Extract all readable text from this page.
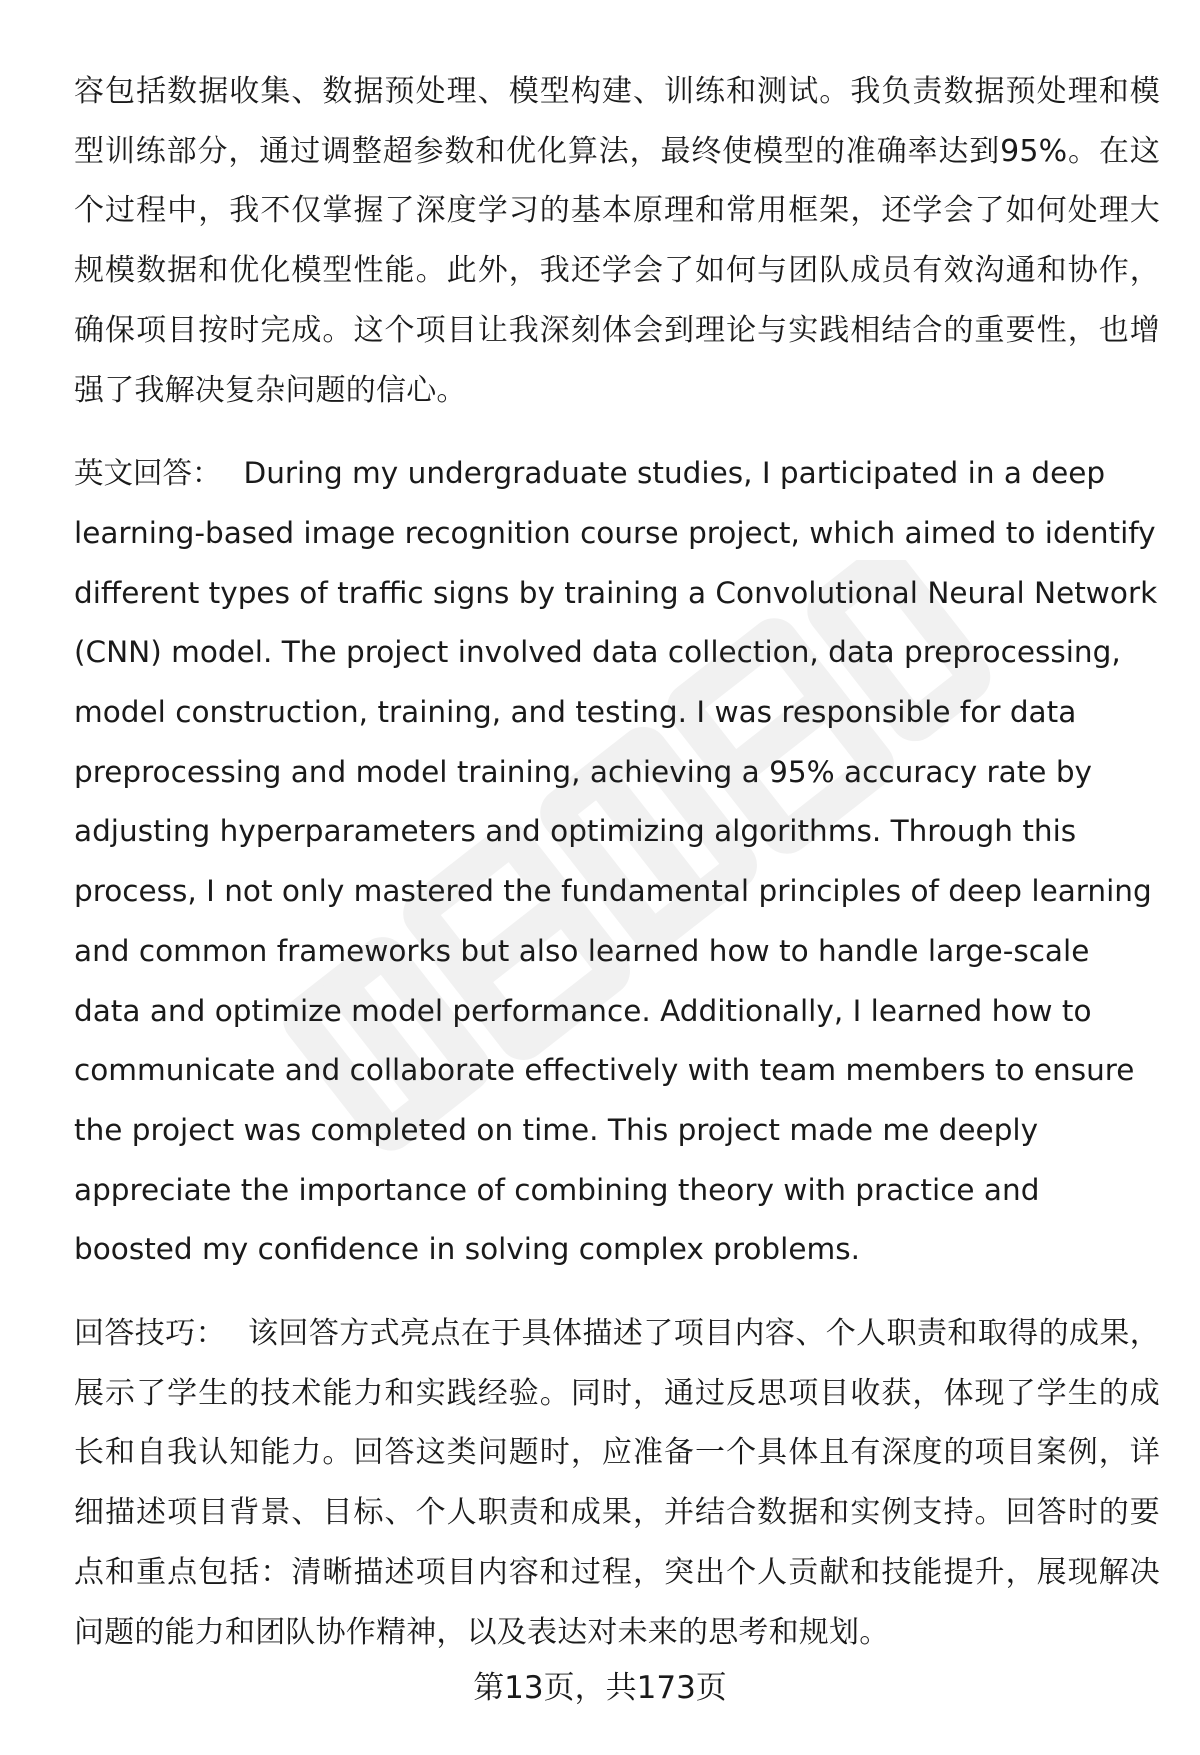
容包括数据收集、数据预处理、模型构建、训练和测试。我负责数据预处理和模型训练部分，通过调整超参数和优化算法，最终使模型的准确率达到95%。在这个过程中，我不仅掌握了深度学习的基本原理和常用框架，还学会了如何处理大规模数据和优化模型性能。此外，我还学会了如何与团队成员有效沟通和协作，确保项目按时完成。这个项目让我深刻体会到理论与实践相结合的重要性，也增强了我解决复杂问题的信心。

英文回答： During my undergraduate studies, I participated in a deep learning-based image recognition course project, which aimed to identify different types of traffic signs by training a Convolutional Neural Network (CNN) model. The project involved data collection, data preprocessing, model construction, training, and testing. I was responsible for data preprocessing and model training, achieving a 95% accuracy rate by adjusting hyperparameters and optimizing algorithms. Through this process, I not only mastered the fundamental principles of deep learning and common frameworks but also learned how to handle large-scale data and optimize model performance. Additionally, I learned how to communicate and collaborate effectively with team members to ensure the project was completed on time. This project made me deeply appreciate the importance of combining theory with practice and boosted my confidence in solving complex problems.

回答技巧： 该回答方式亮点在于具体描述了项目内容、个人职责和取得的成果，展示了学生的技术能力和实践经验。同时，通过反思项目收获，体现了学生的成长和自我认知能力。回答这类问题时，应准备一个具体且有深度的项目案例，详细描述项目背景、目标、个人职责和成果，并结合数据和实例支持。回答时的要点和重点包括：清晰描述项目内容和过程，突出个人贡献和技能提升，展现解决问题的能力和团队协作精神，以及表达对未来的思考和规划。

第13页，共173页
